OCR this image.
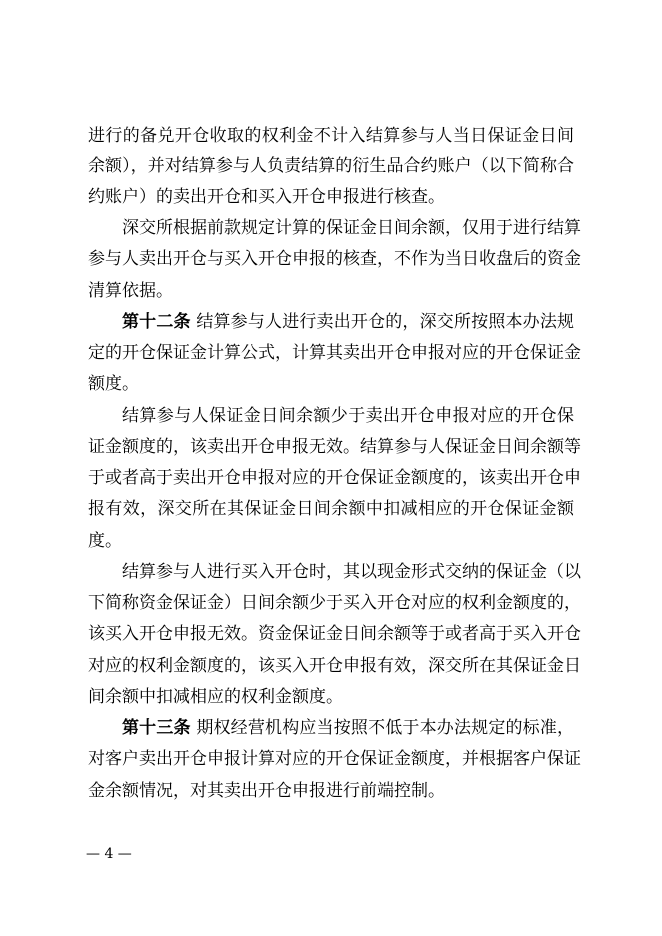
进行的备兑开仓收取的权利金不计入结算参与人当日保证金日间
余额），并对结算参与人负责结算的衍生品合约账户（以下简称合
约账户）的卖出开仓和买入开仓申报进行核查。
深交所根据前款规定计算的保证金日间余额，仅用于进行结算
参与人卖出开仓与买入开仓申报的核查，不作为当日收盘后的资金
清算依据。
第十二条 结算参与人进行卖出开仓的，深交所按照本办法规
定的开仓保证金计算公式，计算其卖出开仓申报对应的开仓保证金
额度。
结算参与人保证金日间余额少于卖出开仓申报对应的开仓保
证金额度的，该卖出开仓申报无效。结算参与人保证金日间余额等
于或者高于卖出开仓申报对应的开仓保证金额度的，该卖出开仓申
报有效，深交所在其保证金日间余额中扣减相应的开仓保证金额
度。
结算参与人进行买入开仓时，其以现金形式交纳的保证金（以
下简称资金保证金）日间余额少于买入开仓对应的权利金额度的，
该买入开仓申报无效。资金保证金日间余额等于或者高于买入开仓
对应的权利金额度的，该买入开仓申报有效，深交所在其保证金日
间余额中扣减相应的权利金额度。
第十三条 期权经营机构应当按照不低于本办法规定的标准，
对客户卖出开仓申报计算对应的开仓保证金额度，并根据客户保证
金余额情况，对其卖出开仓申报进行前端控制。
— 4 —
